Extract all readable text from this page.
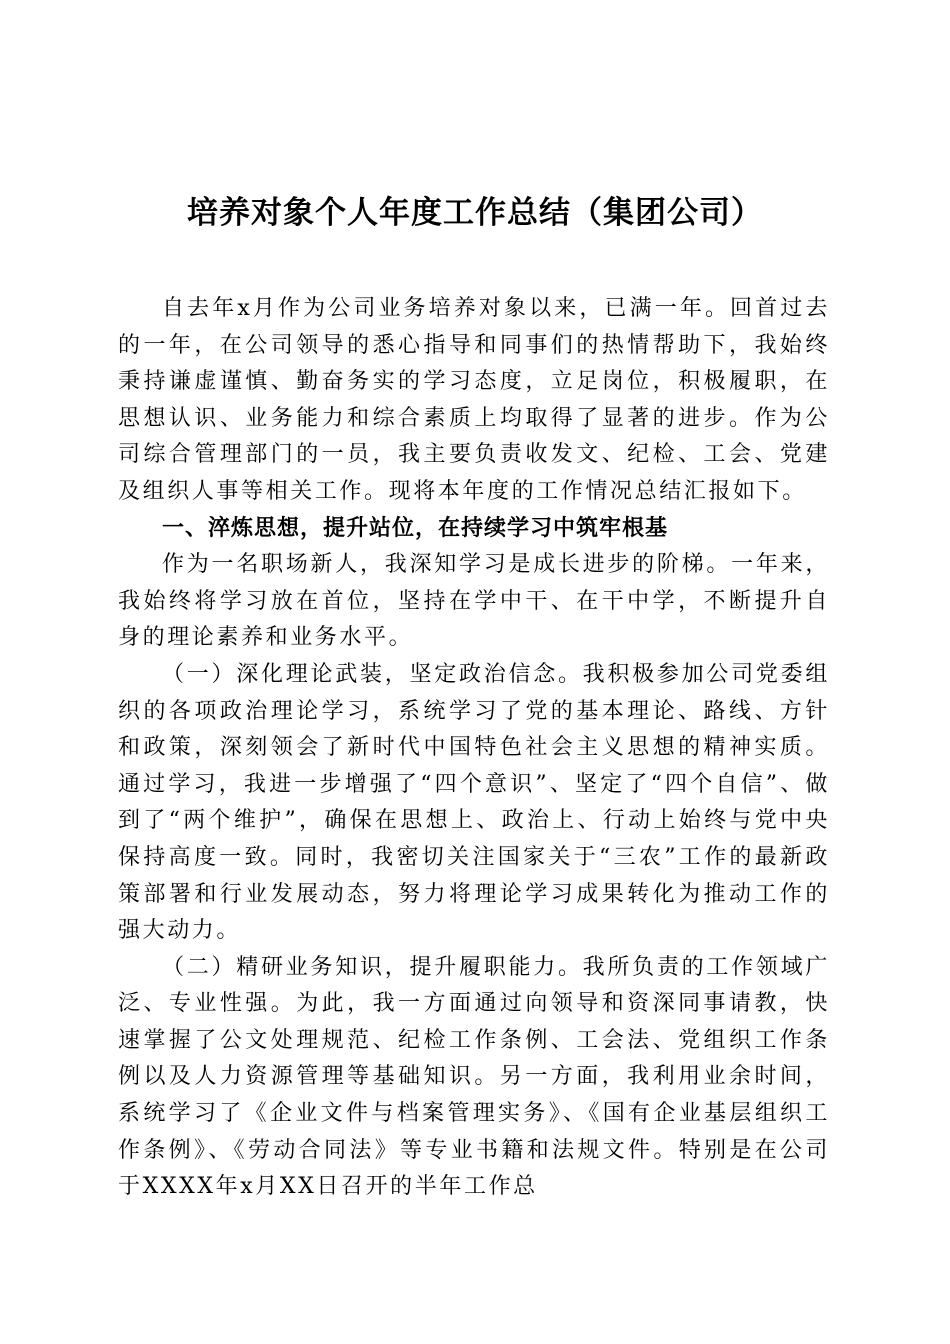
培养对象个人年度工作总结（集团公司）

自去年x月作为公司业务培养对象以来，已满一年。回首过去的一年，在公司领导的悉心指导和同事们的热情帮助下，我始终秉持谦虚谨慎、勤奋务实的学习态度，立足岗位，积极履职，在思想认识、业务能力和综合素质上均取得了显著的进步。作为公司综合管理部门的一员，我主要负责收发文、纪检、工会、党建及组织人事等相关工作。现将本年度的工作情况总结汇报如下。

一、淬炼思想，提升站位，在持续学习中筑牢根基

作为一名职场新人，我深知学习是成长进步的阶梯。一年来，我始终将学习放在首位，坚持在学中干、在干中学，不断提升自身的理论素养和业务水平。

（一）深化理论武装，坚定政治信念。我积极参加公司党委组织的各项政治理论学习，系统学习了党的基本理论、路线、方针和政策，深刻领会了新时代中国特色社会主义思想的精神实质。通过学习，我进一步增强了“四个意识”、坚定了“四个自信”、做到了“两个维护”，确保在思想上、政治上、行动上始终与党中央保持高度一致。同时，我密切关注国家关于“三农”工作的最新政策部署和行业发展动态，努力将理论学习成果转化为推动工作的强大动力。

（二）精研业务知识，提升履职能力。我所负责的工作领域广泛、专业性强。为此，我一方面通过向领导和资深同事请教，快速掌握了公文处理规范、纪检工作条例、工会法、党组织工作条例以及人力资源管理等基础知识。另一方面，我利用业余时间，系统学习了《企业文件与档案管理实务》、《国有企业基层组织工作条例》、《劳动合同法》等专业书籍和法规文件。特别是在公司于XXXX年x月XX日召开的半年工作总
